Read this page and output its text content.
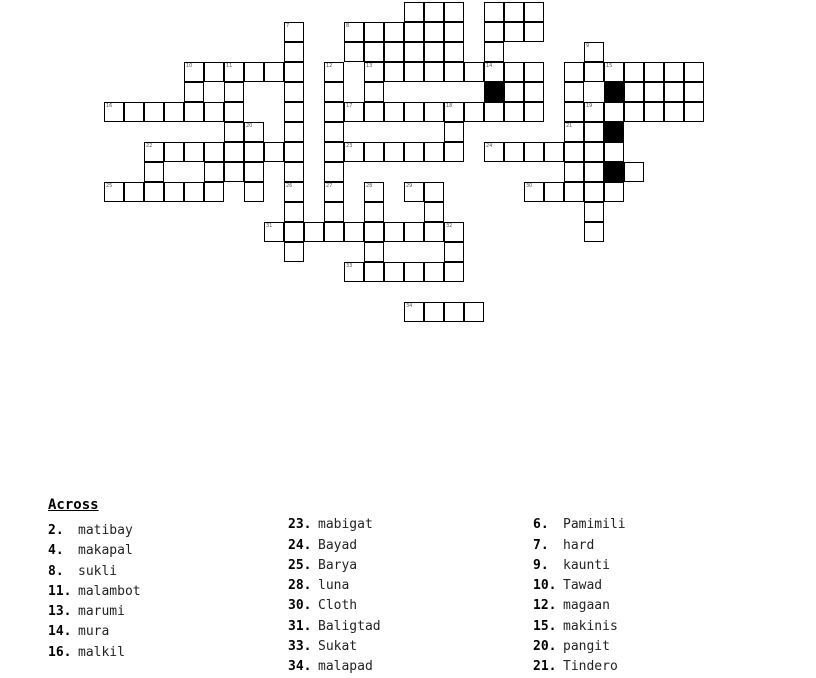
7	8
9
10	11	12	13	14	15
16	17	18	19
20	21
22	23	24
25	26	27	28	29	30
31	32
33
34
Across
2. matibay
4. makapal
8. sukli
11. malambot
13. marumi
14. mura
16. malkil
23. mabigat
24. Bayad
25. Barya
28. luna
30. Cloth
31. Baligtad
33. Sukat
34. malapad
6. Pamimili
7. hard
9. kaunti
10. Tawad
12. magaan
15. makinis
20. pangit
21. Tindero
